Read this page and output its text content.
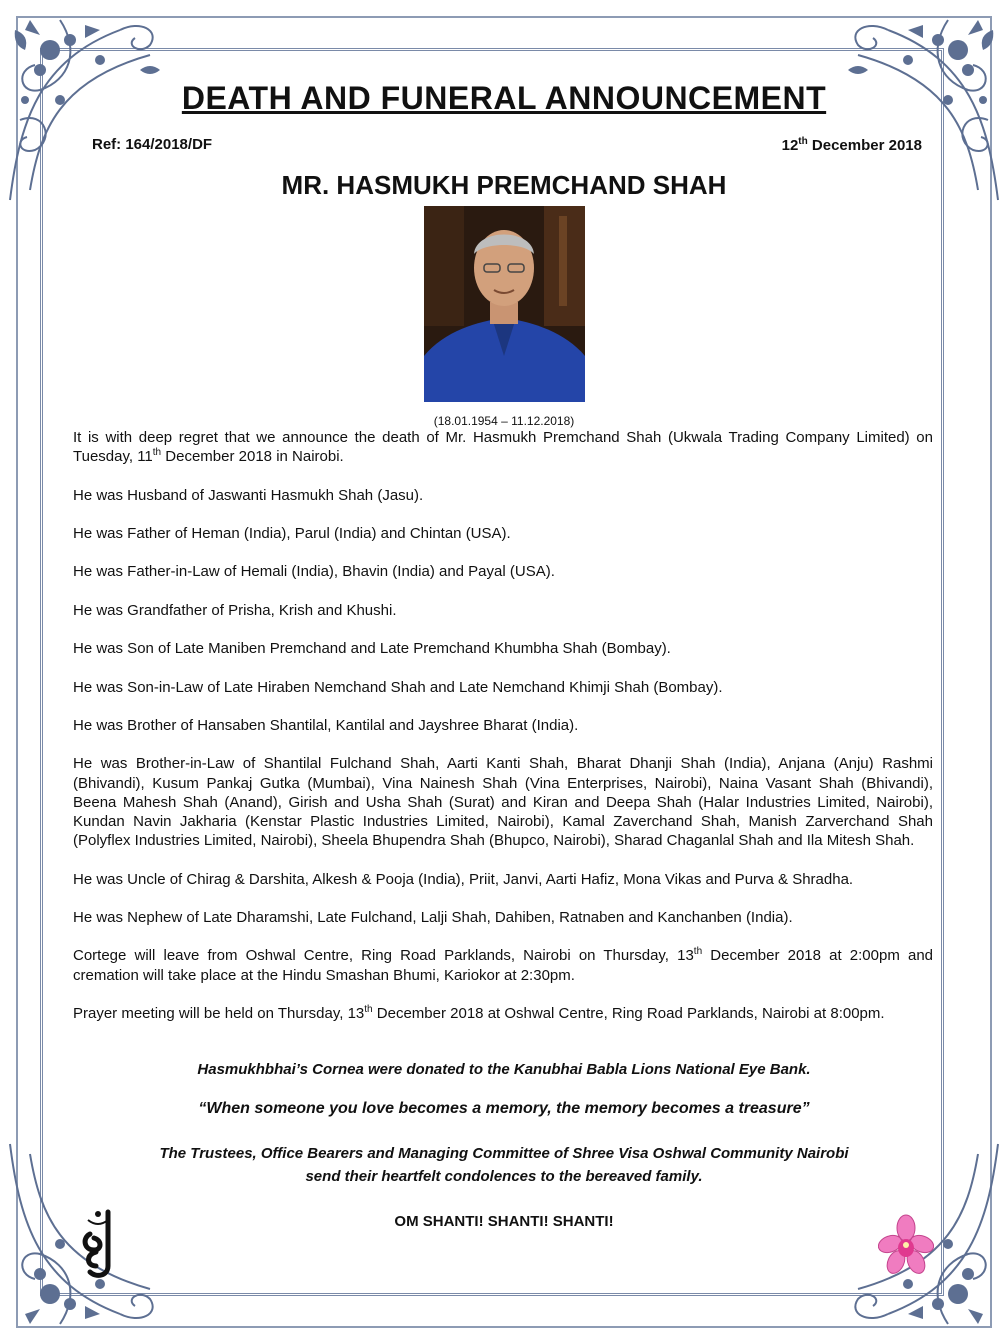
DEATH AND FUNERAL ANNOUNCEMENT
Ref: 164/2018/DF	12th December 2018
MR. HASMUKH PREMCHAND SHAH
(18.01.1954 – 11.12.2018)

It is with deep regret that we announce the death of Mr. Hasmukh Premchand Shah (Ukwala Trading Company Limited) on Tuesday, 11th December 2018 in Nairobi.

He was Husband of Jaswanti Hasmukh Shah (Jasu).

He was Father of Heman (India), Parul (India) and Chintan (USA).

He was Father-in-Law of Hemali (India), Bhavin (India) and Payal (USA).

He was Grandfather of Prisha, Krish and Khushi.

He was Son of Late Maniben Premchand and Late Premchand Khumbha Shah (Bombay).

He was Son-in-Law of Late Hiraben Nemchand Shah and Late Nemchand Khimji Shah (Bombay).

He was Brother of Hansaben Shantilal, Kantilal and Jayshree Bharat (India).

He was Brother-in-Law of Shantilal Fulchand Shah, Aarti Kanti Shah, Bharat Dhanji Shah (India), Anjana (Anju) Rashmi (Bhivandi), Kusum Pankaj Gutka (Mumbai), Vina Nainesh Shah (Vina Enterprises, Nairobi), Naina Vasant Shah (Bhivandi), Beena Mahesh Shah (Anand), Girish and Usha Shah (Surat) and Kiran and Deepa Shah (Halar Industries Limited, Nairobi), Kundan Navin Jakharia (Kenstar Plastic Industries Limited, Nairobi), Kamal Zaverchand Shah, Manish Zarverchand Shah (Polyflex Industries Limited, Nairobi), Sheela Bhupendra Shah (Bhupco, Nairobi), Sharad Chaganlal Shah and Ila Mitesh Shah.

He was Uncle of Chirag & Darshita, Alkesh & Pooja (India), Priit, Janvi, Aarti Hafiz, Mona Vikas and Purva & Shradha.

He was Nephew of Late Dharamshi, Late Fulchand, Lalji Shah, Dahiben, Ratnaben and Kanchanben (India).

Cortege will leave from Oshwal Centre, Ring Road Parklands, Nairobi on Thursday, 13th December 2018 at 2:00pm and cremation will take place at the Hindu Smashan Bhumi, Kariokor at 2:30pm.

Prayer meeting will be held on Thursday, 13th December 2018 at Oshwal Centre, Ring Road Parklands, Nairobi at 8:00pm.

Hasmukhbhai’s Cornea were donated to the Kanubhai Babla Lions National Eye Bank.
“When someone you love becomes a memory, the memory becomes a treasure”
The Trustees, Office Bearers and Managing Committee of Shree Visa Oshwal Community Nairobi
send their heartfelt condolences to the bereaved family.
OM SHANTI! SHANTI! SHANTI!
